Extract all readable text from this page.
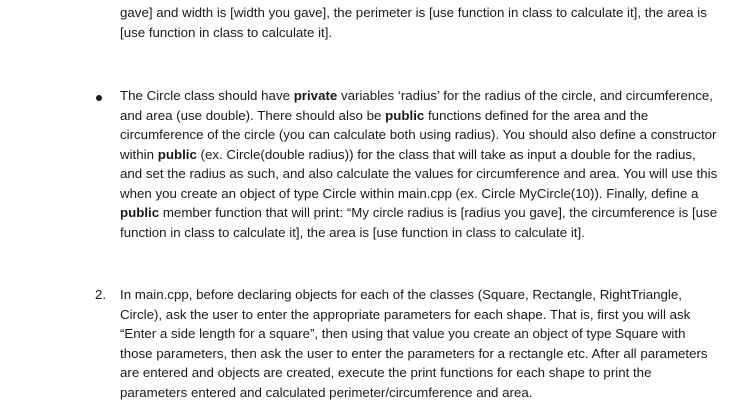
gave] and width is [width you gave], the perimeter is [use function in class to calculate it], the area is [use function in class to calculate it].

The Circle class should have private variables ‘radius’ for the radius of the circle, and circumference, and area (use double). There should also be public functions defined for the area and the circumference of the circle (you can calculate both using radius). You should also define a constructor within public (ex. Circle(double radius)) for the class that will take as input a double for the radius, and set the radius as such, and also calculate the values for circumference and area. You will use this when you create an object of type Circle within main.cpp (ex. Circle MyCircle(10)). Finally, define a public member function that will print: “My circle radius is [radius you gave], the circumference is [use function in class to calculate it], the area is [use function in class to calculate it].

2.	In main.cpp, before declaring objects for each of the classes (Square, Rectangle, RightTriangle, Circle), ask the user to enter the appropriate parameters for each shape. That is, first you will ask “Enter a side length for a square”, then using that value you create an object of type Square with those parameters, then ask the user to enter the parameters for a rectangle etc. After all parameters are entered and objects are created, execute the print functions for each shape to print the parameters entered and calculated perimeter/circumference and area.
